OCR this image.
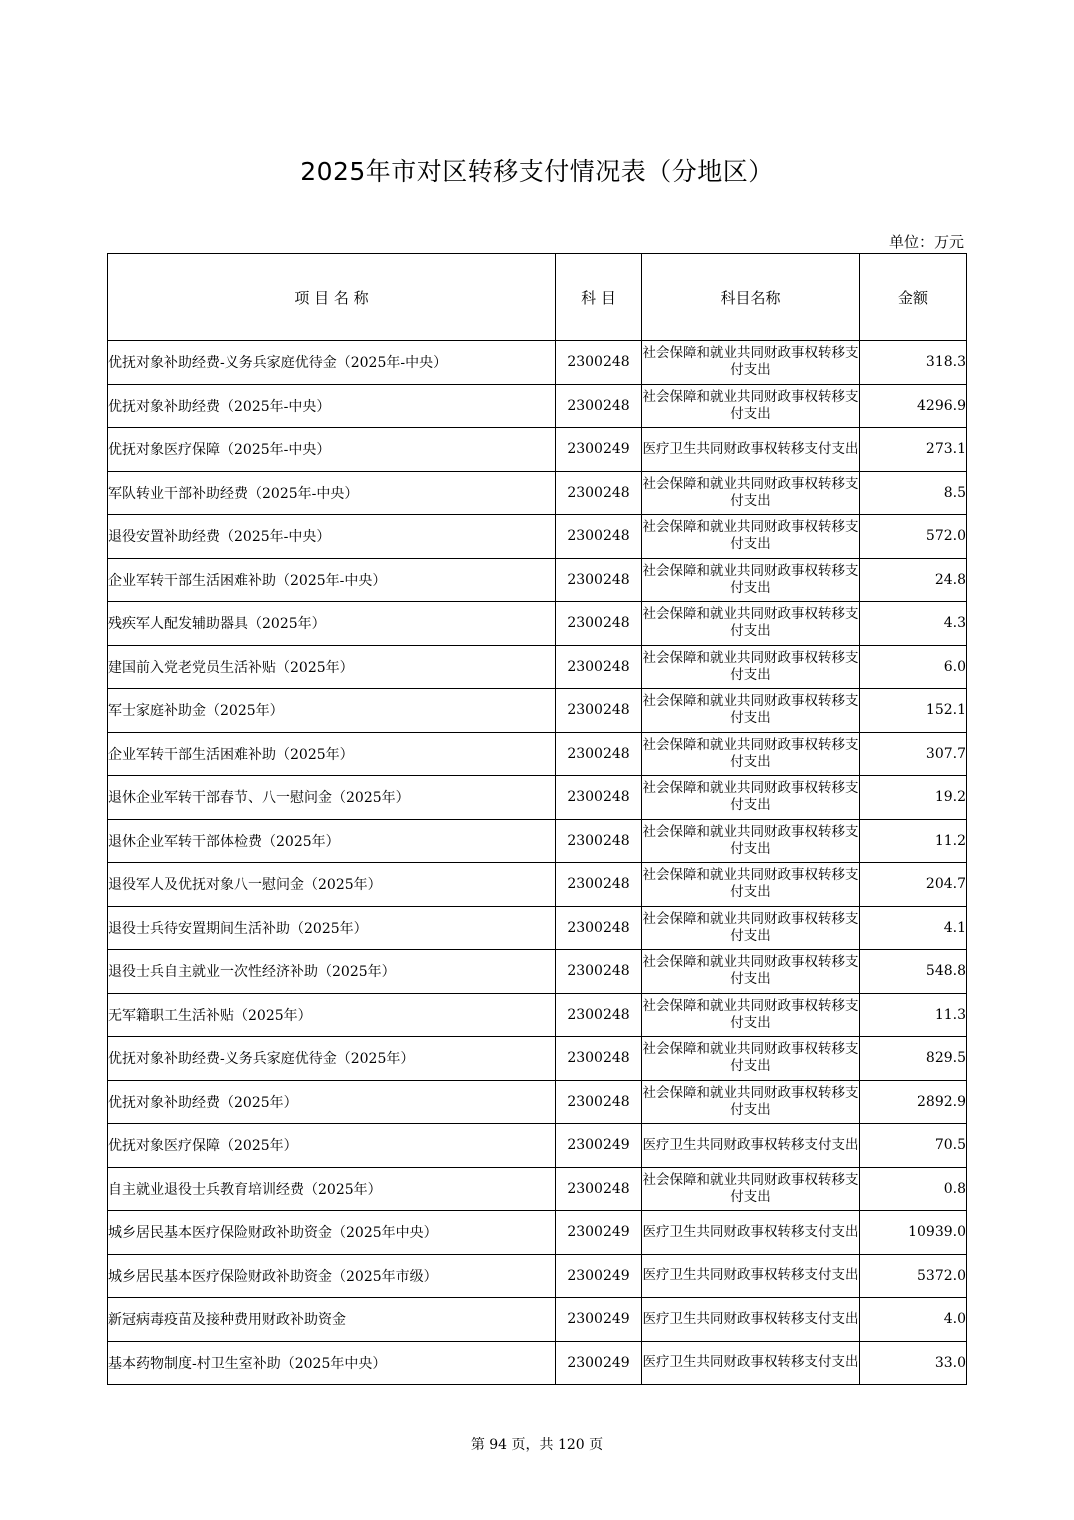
2025年市对区转移支付情况表（分地区）
单位：万元
项 目 名 称	科 目	科目名称	金额
优抚对象补助经费-义务兵家庭优待金（2025年-中央）	2300248	社会保障和就业共同财政事权转移支付支出	318.3
优抚对象补助经费（2025年-中央）	2300248	社会保障和就业共同财政事权转移支付支出	4296.9
优抚对象医疗保障（2025年-中央）	2300249	医疗卫生共同财政事权转移支付支出	273.1
军队转业干部补助经费（2025年-中央）	2300248	社会保障和就业共同财政事权转移支付支出	8.5
退役安置补助经费（2025年-中央）	2300248	社会保障和就业共同财政事权转移支付支出	572.0
企业军转干部生活困难补助（2025年-中央）	2300248	社会保障和就业共同财政事权转移支付支出	24.8
残疾军人配发辅助器具（2025年）	2300248	社会保障和就业共同财政事权转移支付支出	4.3
建国前入党老党员生活补贴（2025年）	2300248	社会保障和就业共同财政事权转移支付支出	6.0
军士家庭补助金（2025年）	2300248	社会保障和就业共同财政事权转移支付支出	152.1
企业军转干部生活困难补助（2025年）	2300248	社会保障和就业共同财政事权转移支付支出	307.7
退休企业军转干部春节、八一慰问金（2025年）	2300248	社会保障和就业共同财政事权转移支付支出	19.2
退休企业军转干部体检费（2025年）	2300248	社会保障和就业共同财政事权转移支付支出	11.2
退役军人及优抚对象八一慰问金（2025年）	2300248	社会保障和就业共同财政事权转移支付支出	204.7
退役士兵待安置期间生活补助（2025年）	2300248	社会保障和就业共同财政事权转移支付支出	4.1
退役士兵自主就业一次性经济补助（2025年）	2300248	社会保障和就业共同财政事权转移支付支出	548.8
无军籍职工生活补贴（2025年）	2300248	社会保障和就业共同财政事权转移支付支出	11.3
优抚对象补助经费-义务兵家庭优待金（2025年）	2300248	社会保障和就业共同财政事权转移支付支出	829.5
优抚对象补助经费（2025年）	2300248	社会保障和就业共同财政事权转移支付支出	2892.9
优抚对象医疗保障（2025年）	2300249	医疗卫生共同财政事权转移支付支出	70.5
自主就业退役士兵教育培训经费（2025年）	2300248	社会保障和就业共同财政事权转移支付支出	0.8
城乡居民基本医疗保险财政补助资金（2025年中央）	2300249	医疗卫生共同财政事权转移支付支出	10939.0
城乡居民基本医疗保险财政补助资金（2025年市级）	2300249	医疗卫生共同财政事权转移支付支出	5372.0
新冠病毒疫苗及接种费用财政补助资金	2300249	医疗卫生共同财政事权转移支付支出	4.0
基本药物制度-村卫生室补助（2025年中央）	2300249	医疗卫生共同财政事权转移支付支出	33.0
第 94 页，共 120 页
